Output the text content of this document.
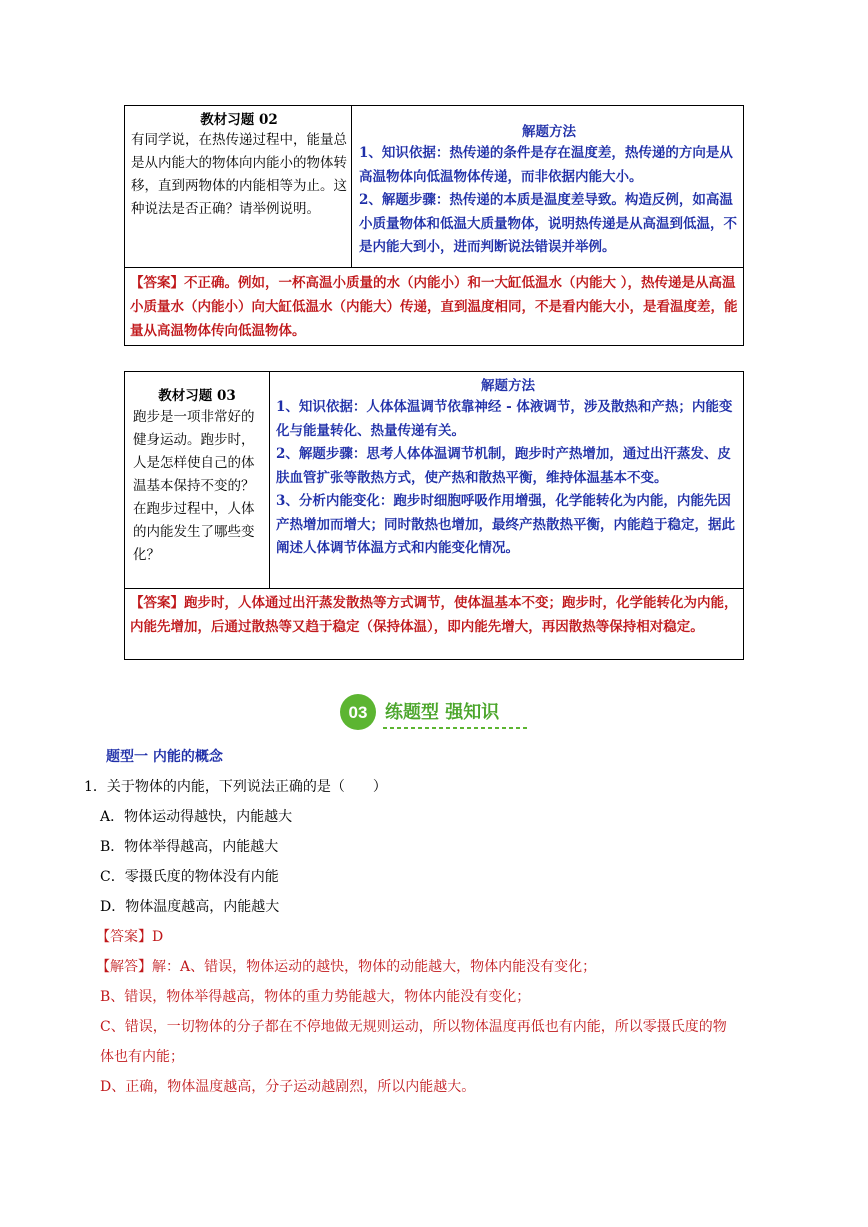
教材习题 02
有同学说，在热传递过程中，能量总是从内能大的物体向内能小的物体转移，直到两物体的内能相等为止。这种说法是否正确？请举例说明。
解题方法
1、知识依据：热传递的条件是存在温度差，热传递的方向是从高温物体向低温物体传递，而非依据内能大小。
2、解题步骤：热传递的本质是温度差导致。构造反例，如高温小质量物体和低温大质量物体，说明热传递是从高温到低温，不是内能大到小，进而判断说法错误并举例。
【答案】不正确。例如，一杯高温小质量的水（内能小）和一大缸低温水（内能大 ），热传递是从高温小质量水（内能小）向大缸低温水（内能大）传递，直到温度相同，不是看内能大小，是看温度差，能量从高温物体传向低温物体。
教材习题 03
跑步是一项非常好的健身运动。跑步时，人是怎样使自己的体温基本保持不变的？在跑步过程中，人体的内能发生了哪些变化？
解题方法
1、知识依据：人体体温调节依靠神经 - 体液调节，涉及散热和产热；内能变化与能量转化、热量传递有关。
2、解题步骤：思考人体体温调节机制，跑步时产热增加，通过出汗蒸发、皮肤血管扩张等散热方式，使产热和散热平衡，维持体温基本不变。
3、分析内能变化：跑步时细胞呼吸作用增强，化学能转化为内能，内能先因产热增加而增大；同时散热也增加，最终产热散热平衡，内能趋于稳定，据此阐述人体调节体温方式和内能变化情况。
【答案】跑步时，人体通过出汗蒸发散热等方式调节，使体温基本不变；跑步时，化学能转化为内能，内能先增加，后通过散热等又趋于稳定（保持体温），即内能先增大，再因散热等保持相对稳定。
03 练题型 强知识
题型一 内能的概念
1．关于物体的内能，下列说法正确的是（　　）
A．物体运动得越快，内能越大
B．物体举得越高，内能越大
C．零摄氏度的物体没有内能
D．物体温度越高，内能越大
【答案】D
【解答】解：A、错误，物体运动的越快，物体的动能越大，物体内能没有变化；
B、错误，物体举得越高，物体的重力势能越大，物体内能没有变化；
C、错误，一切物体的分子都在不停地做无规则运动，所以物体温度再低也有内能，所以零摄氏度的物
体也有内能；
D、正确，物体温度越高，分子运动越剧烈，所以内能越大。
